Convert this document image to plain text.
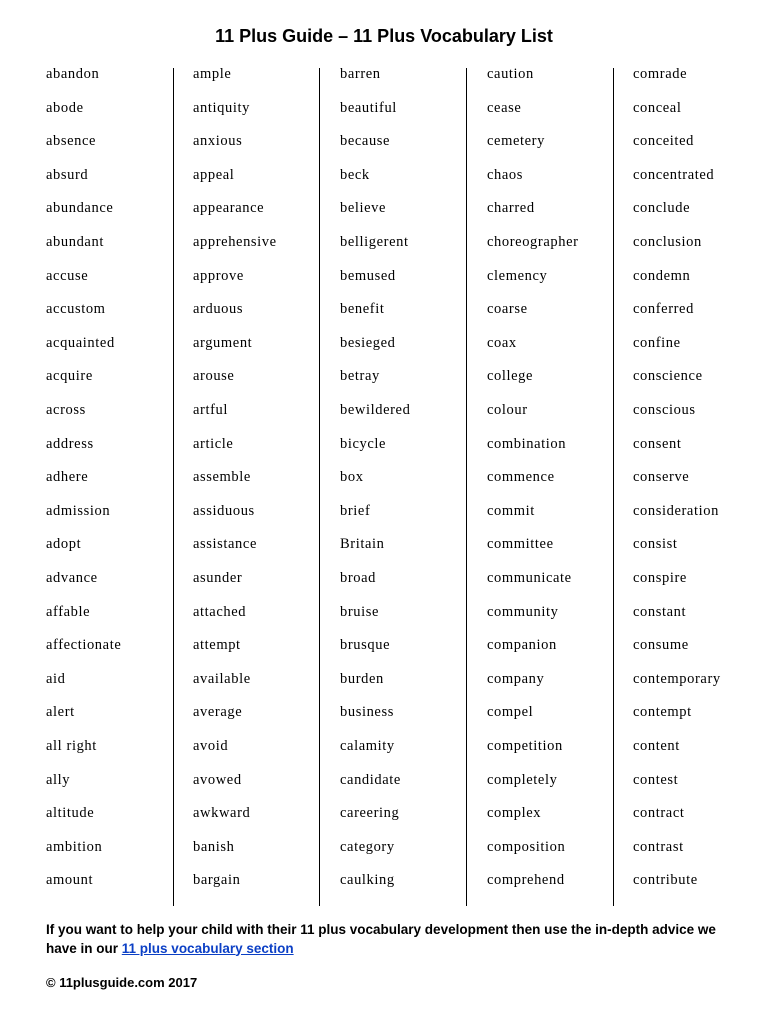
11 Plus Guide – 11 Plus Vocabulary List
abandon
abode
absence
absurd
abundance
abundant
accuse
accustom
acquainted
acquire
across
address
adhere
admission
adopt
advance
affable
affectionate
aid
alert
all right
ally
altitude
ambition
amount
ample
antiquity
anxious
appeal
appearance
apprehensive
approve
arduous
argument
arouse
artful
article
assemble
assiduous
assistance
asunder
attached
attempt
available
average
avoid
avowed
awkward
banish
bargain
barren
beautiful
because
beck
believe
belligerent
bemused
benefit
besieged
betray
bewildered
bicycle
box
brief
Britain
broad
bruise
brusque
burden
business
calamity
candidate
careering
category
caulking
caution
cease
cemetery
chaos
charred
choreographer
clemency
coarse
coax
college
colour
combination
commence
commit
committee
communicate
community
companion
company
compel
competition
completely
complex
composition
comprehend
comrade
conceal
conceited
concentrated
conclude
conclusion
condemn
conferred
confine
conscience
conscious
consent
conserve
consideration
consist
conspire
constant
consume
contemporary
contempt
content
contest
contract
contrast
contribute
If you want to help your child with their 11 plus vocabulary development then use the in-depth advice we have in our 11 plus vocabulary section
© 11plusguide.com 2017
